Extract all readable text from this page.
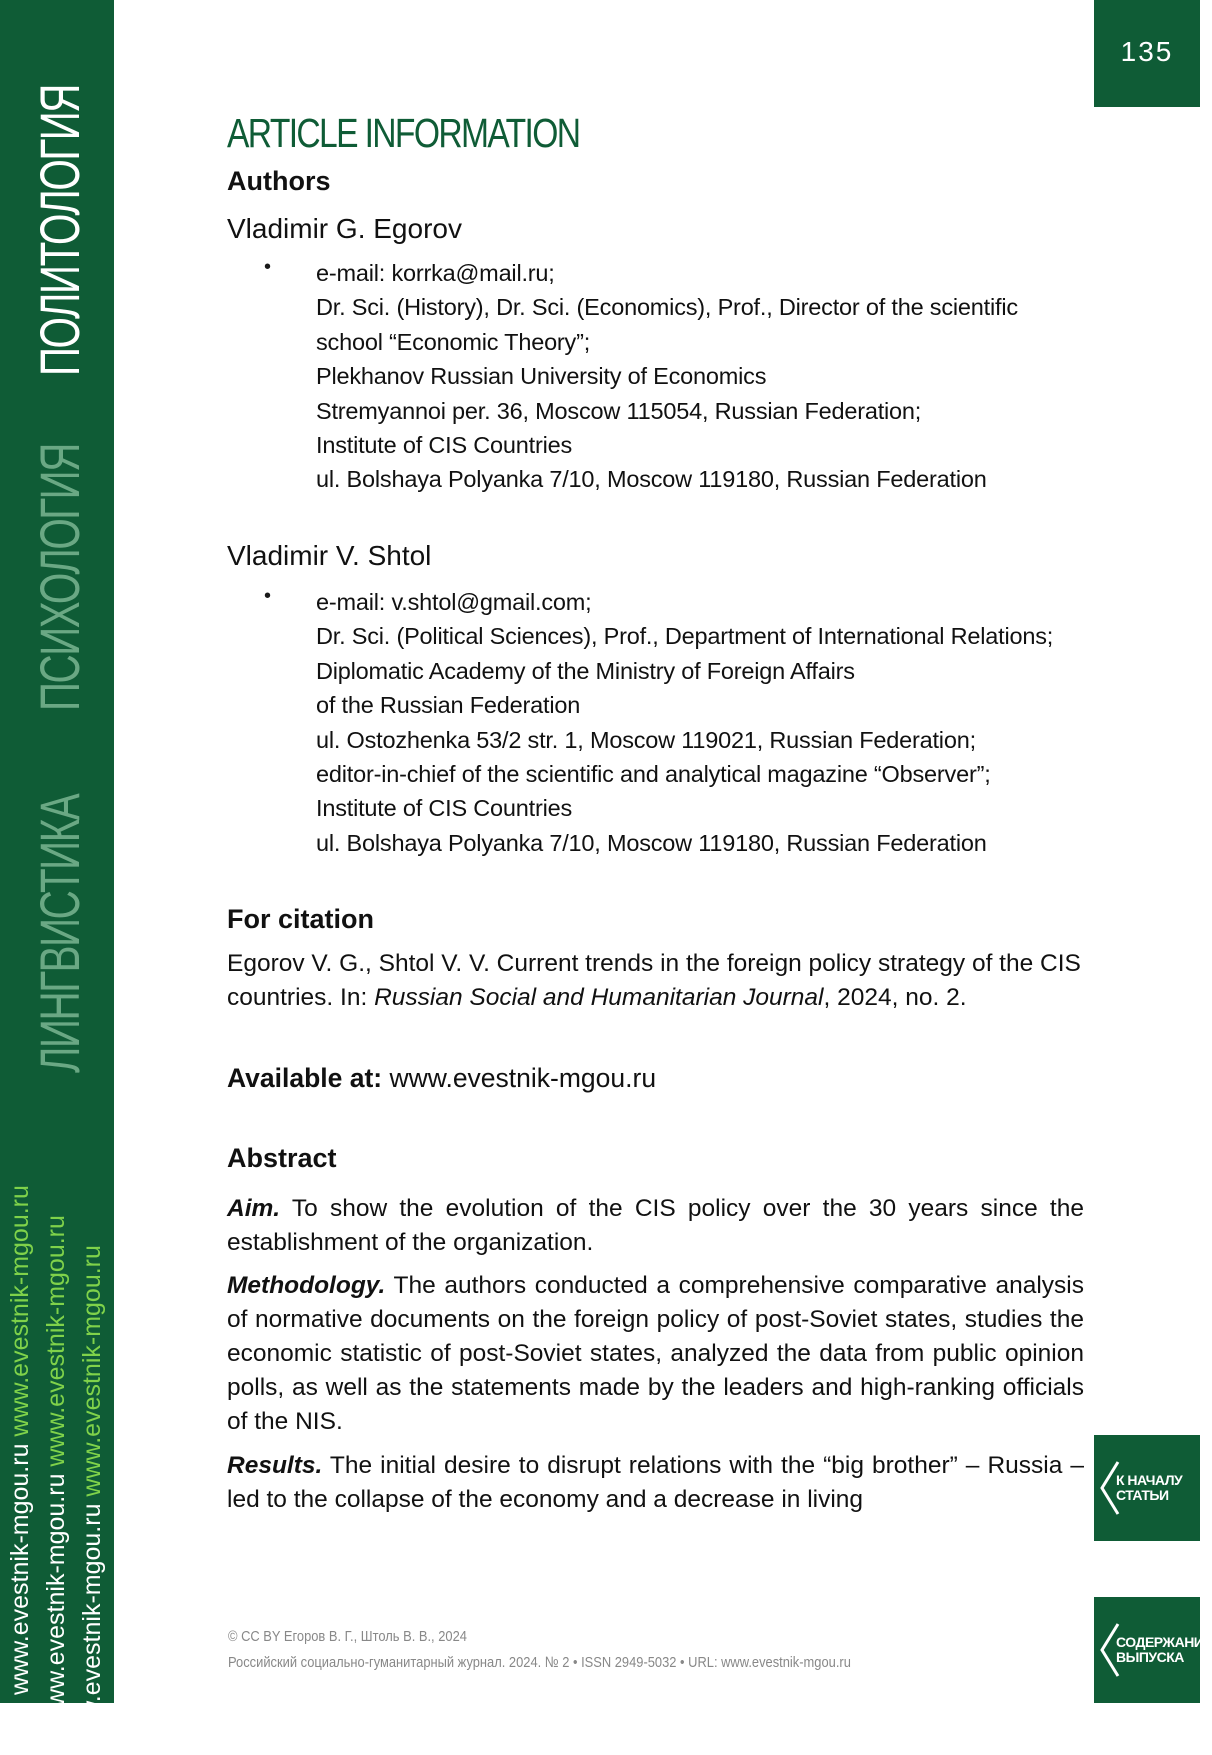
ЛИНГВИСТИКА
ПСИХОЛОГИЯ
ПОЛИТОЛОГИЯ
www.evestnik-mgou.ru www.evestnik-mgou.ru
www.evestnik-mgou.ru www.evestnik-mgou.ru
www.evestnik-mgou.ru www.evestnik-mgou.ru
135
ARTICLE INFORMATION
Authors
Vladimir G. Egorov
• e-mail: korrka@mail.ru;
Dr. Sci. (History), Dr. Sci. (Economics), Prof., Director of the scientific
school “Economic Theory”;
Plekhanov Russian University of Economics
Stremyannoi per. 36, Moscow 115054, Russian Federation;
Institute of CIS Countries
ul. Bolshaya Polyanka 7/10, Moscow 119180, Russian Federation
Vladimir V. Shtol
• e-mail: v.shtol@gmail.com;
Dr. Sci. (Political Sciences), Prof., Department of International Relations;
Diplomatic Academy of the Ministry of Foreign Affairs
of the Russian Federation
ul. Ostozhenka 53/2 str. 1, Moscow 119021, Russian Federation;
editor-in-chief of the scientific and analytical magazine “Observer”;
Institute of CIS Countries
ul. Bolshaya Polyanka 7/10, Moscow 119180, Russian Federation
For citation
Egorov V. G., Shtol V. V. Current trends in the foreign policy strategy of the CIS countries. In: Russian Social and Humanitarian Journal, 2024, no. 2.
Available at: www.evestnik-mgou.ru
Abstract
Aim. To show the evolution of the CIS policy over the 30 years since the establishment of the organization.
Methodology. The authors conducted a comprehensive comparative analysis of normative documents on the foreign policy of post-Soviet states, studies the economic statistic of post-Soviet states, analyzed the data from public opinion polls, as well as the statements made by the leaders and high-ranking officials of the NIS.
Results. The initial desire to disrupt relations with the “big brother” – Russia – led to the collapse of the economy and a decrease in living
К НАЧАЛУ
СТАТЬИ
СОДЕРЖАНИЕ
ВЫПУСКА
© CC BY Егоров В. Г., Штоль В. В., 2024
Российский социально-гуманитарный журнал. 2024. № 2 • ISSN 2949-5032 • URL: www.evestnik-mgou.ru
